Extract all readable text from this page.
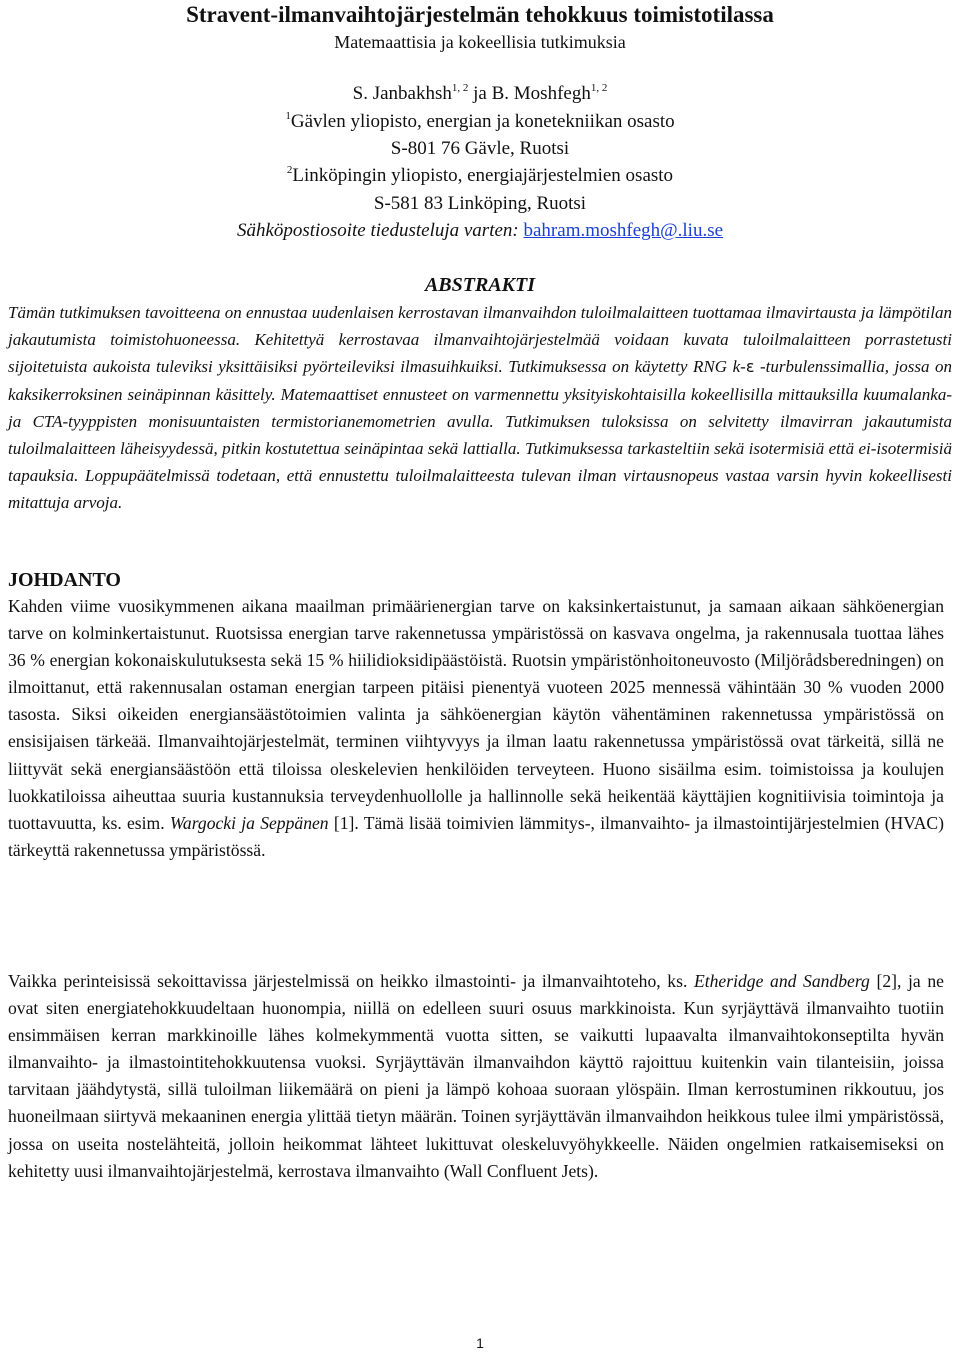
Stravent-ilmanvaihtojärjestelmän tehokkuus toimistotilassa
Matemaattisia ja kokeellisia tutkimuksia
S. Janbakhsh$^{1, 2}$ ja B. Moshfegh$^{1, 2}$
$^1$Gävlen yliopisto, energian ja konetekniikan osasto
S-801 76 Gävle, Ruotsi
$^2$Linköpingin yliopisto, energiajärjestelmien osasto
S-581 83 Linköping, Ruotsi
Sähköpostiosoite tiedusteluja varten: bahram.moshfegh@.liu.se
ABSTRAKTI

Tämän tutkimuksen tavoitteena on ennustaa uudenlaisen kerrostavan ilmanvaihdon tuloilmalaitteen tuottamaa ilmavirtausta ja lämpötilan jakautumista toimistohuoneessa. Kehitettyä kerrostavaa ilmanvaihtojärjestelmää voidaan kuvata tuloilmalaitteen porrastetusti sijoitetuista aukoista tuleviksi yksittäisiksi pyörteileviksi ilmasuihkuiksi. Tutkimuksessa on käytetty RNG k-ε -turbulenssimallia, jossa on kaksikerroksinen seinäpinnan käsittely. Matemaattiset ennusteet on varmennettu yksityiskohtaisilla kokeellisilla mittauksilla kuumalanka- ja CTA-tyyppisten monisuuntaisten termistorianemometrien avulla. Tutkimuksen tuloksissa on selvitetty ilmavirran jakautumista tuloilmalaitteen läheisyydessä, pitkin kostutettua seinäpintaa sekä lattialla. Tutkimuksessa tarkasteltiin sekä isotermisiä että ei-isotermisiä tapauksia. Loppupäätelmissä todetaan, että ennustettu tuloilmalaitteesta tulevan ilman virtausnopeus vastaa varsin hyvin kokeellisesti mitattuja arvoja.

JOHDANTO

Kahden viime vuosikymmenen aikana maailman primäärienergian tarve on kaksinkertaistunut, ja samaan aikaan sähköenergian tarve on kolminkertaistunut. Ruotsissa energian tarve rakennetussa ympäristössä on kasvava ongelma, ja rakennusala tuottaa lähes 36 % energian kokonaiskulutuksesta sekä 15 % hiilidioksidipäästöistä. Ruotsin ympäristönhoitoneuvosto (Miljörådsberedningen) on ilmoittanut, että rakennusalan ostaman energian tarpeen pitäisi pienentyä vuoteen 2025 mennessä vähintään 30 % vuoden 2000 tasosta. Siksi oikeiden energiansäästötoimien valinta ja sähköenergian käytön vähentäminen rakennetussa ympäristössä on ensisijaisen tärkeää. Ilmanvaihtojärjestelmät, terminen viihtyvyys ja ilman laatu rakennetussa ympäristössä ovat tärkeitä, sillä ne liittyvät sekä energiansäästöön että tiloissa oleskelevien henkilöiden terveyteen. Huono sisäilma esim. toimistoissa ja koulujen luokkatiloissa aiheuttaa suuria kustannuksia terveydenhuollolle ja hallinnolle sekä heikentää käyttäjien kognitiivisia toimintoja ja tuottavuutta, ks. esim. Wargocki ja Seppänen [1]. Tämä lisää toimivien lämmitys-, ilmanvaihto- ja ilmastointijärjestelmien (HVAC) tärkeyttä rakennetussa ympäristössä.

Vaikka perinteisissä sekoittavissa järjestelmissä on heikko ilmastointi- ja ilmanvaihtoteho, ks. Etheridge and Sandberg [2], ja ne ovat siten energiatehokkuudeltaan huonompia, niillä on edelleen suuri osuus markkinoista. Kun syrjäyttävä ilmanvaihto tuotiin ensimmäisen kerran markkinoille lähes kolmekymmentä vuotta sitten, se vaikutti lupaavalta ilmanvaihtokonseptilta hyvän ilmanvaihto- ja ilmastointitehokkuutensa vuoksi. Syrjäyttävän ilmanvaihdon käyttö rajoittuu kuitenkin vain tilanteisiin, joissa tarvitaan jäähdytystä, sillä tuloilman liikemäärä on pieni ja lämpö kohoaa suoraan ylöspäin. Ilman kerrostuminen rikkoutuu, jos huoneilmaan siirtyvä mekaaninen energia ylittää tietyn määrän. Toinen syrjäyttävän ilmanvaihdon heikkous tulee ilmi ympäristössä, jossa on useita nostelähteitä, jolloin heikommat lähteet lukittuvat oleskeluvyöhykkeelle. Näiden ongelmien ratkaisemiseksi on kehitetty uusi ilmanvaihtojärjestelmä, kerrostava ilmanvaihto (Wall Confluent Jets).

1
